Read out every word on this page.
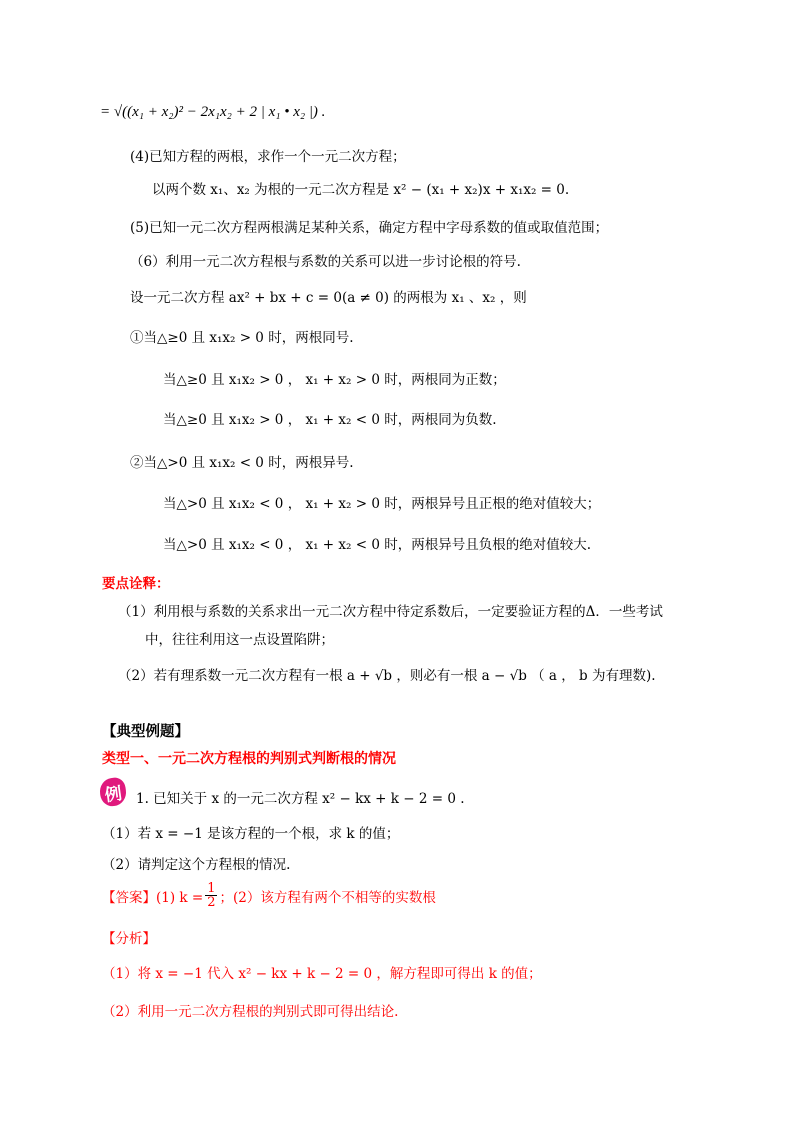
= √((x₁ + x₂)² − 2x₁x₂ + 2 | x₁ • x₂ |) .
(4)已知方程的两根，求作一个一元二次方程；
以两个数 x₁、x₂ 为根的一元二次方程是 x² − (x₁ + x₂)x + x₁x₂ = 0.
(5)已知一元二次方程两根满足某种关系，确定方程中字母系数的值或取值范围；
（6）利用一元二次方程根与系数的关系可以进一步讨论根的符号.
设一元二次方程 ax² + bx + c = 0(a ≠ 0) 的两根为 x₁ 、x₂ ，则
①当△≥0 且 x₁x₂ > 0 时，两根同号.
当△≥0 且 x₁x₂ > 0 ， x₁ + x₂ > 0 时，两根同为正数；
当△≥0 且 x₁x₂ > 0 ， x₁ + x₂ < 0 时，两根同为负数.
②当△>0 且 x₁x₂ < 0 时，两根异号.
当△>0 且 x₁x₂ < 0 ， x₁ + x₂ > 0 时，两根异号且正根的绝对值较大；
当△>0 且 x₁x₂ < 0 ， x₁ + x₂ < 0 时，两根异号且负根的绝对值较大.
要点诠释：
（1）利用根与系数的关系求出一元二次方程中待定系数后，一定要验证方程的Δ．一些考试
中，往往利用这一点设置陷阱；
（2）若有理系数一元二次方程有一根 a + √b ，则必有一根 a − √b （ a ， b 为有理数).
【典型例题】
类型一、一元二次方程根的判别式判断根的情况
例 1. 已知关于 x 的一元二次方程 x² − kx + k − 2 = 0 .
（1）若 x = −1 是该方程的一个根，求 k 的值；
（2）请判定这个方程根的情况.
【答案】(1) $k = \frac{1}{2}$ ；(2）该方程有两个不相等的实数根
【分析】
（1）将 x = −1 代入 x² − kx + k − 2 = 0 ，解方程即可得出 k 的值；
（2）利用一元二次方程根的判别式即可得出结论.
